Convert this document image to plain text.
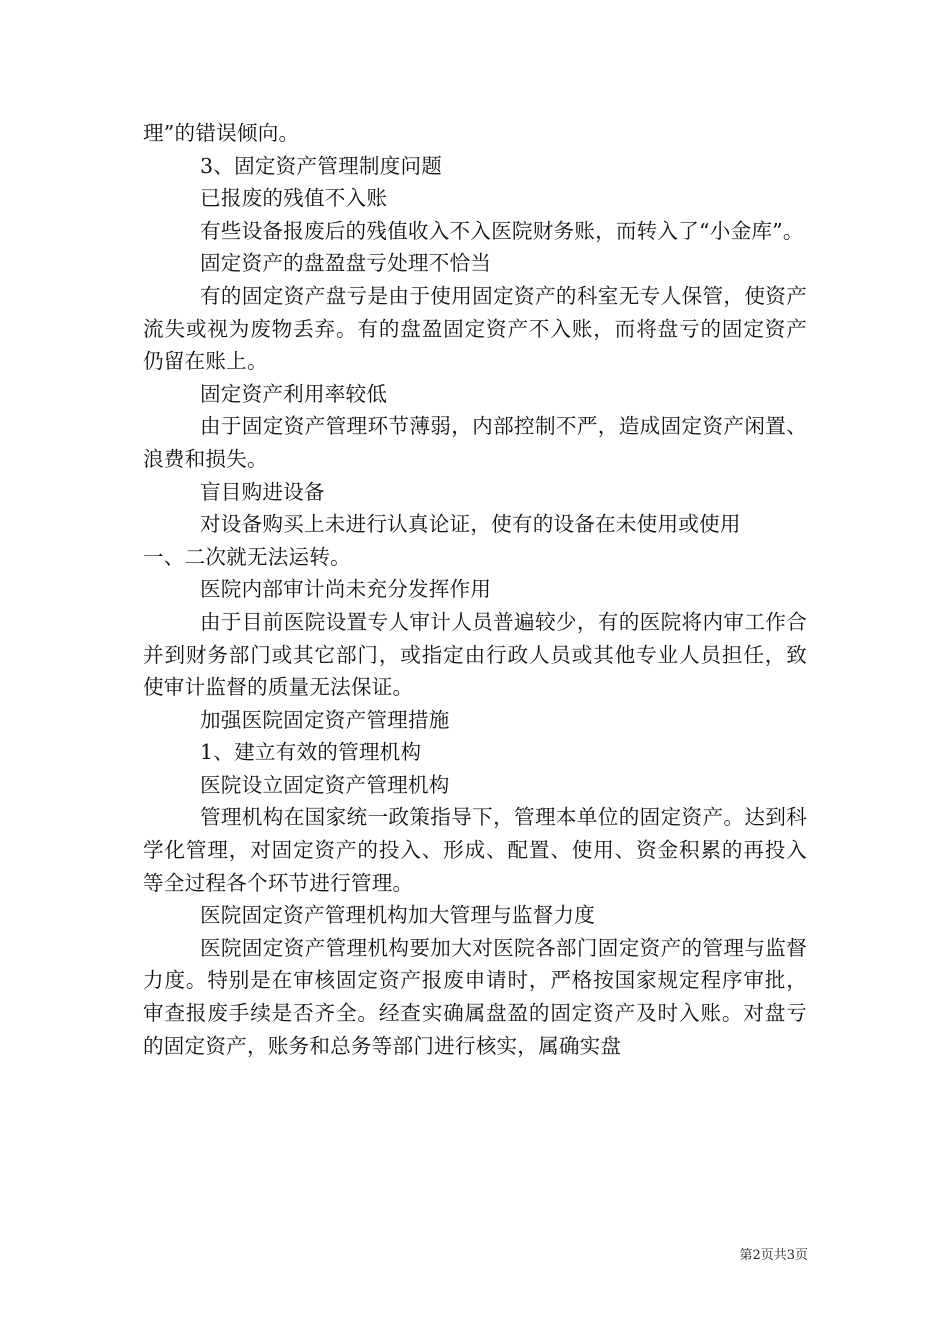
理”的错误倾向。

3、固定资产管理制度问题

已报废的残值不入账

有些设备报废后的残值收入不入医院财务账，而转入了“小金库”。

固定资产的盘盈盘亏处理不恰当

有的固定资产盘亏是由于使用固定资产的科室无专人保管，使资产流失或视为废物丢弃。有的盘盈固定资产不入账，而将盘亏的固定资产仍留在账上。

固定资产利用率较低

由于固定资产管理环节薄弱，内部控制不严，造成固定资产闲置、浪费和损失。

盲目购进设备

对设备购买上未进行认真论证，使有的设备在未使用或使用

一、二次就无法运转。

医院内部审计尚未充分发挥作用

由于目前医院设置专人审计人员普遍较少，有的医院将内审工作合并到财务部门或其它部门，或指定由行政人员或其他专业人员担任，致使审计监督的质量无法保证。

加强医院固定资产管理措施

1、建立有效的管理机构

医院设立固定资产管理机构

管理机构在国家统一政策指导下，管理本单位的固定资产。达到科学化管理，对固定资产的投入、形成、配置、使用、资金积累的再投入等全过程各个环节进行管理。

医院固定资产管理机构加大管理与监督力度

医院固定资产管理机构要加大对医院各部门固定资产的管理与监督力度。特别是在审核固定资产报废申请时，严格按国家规定程序审批，审查报废手续是否齐全。经查实确属盘盈的固定资产及时入账。对盘亏的固定资产，账务和总务等部门进行核实，属确实盘

第2页共3页
